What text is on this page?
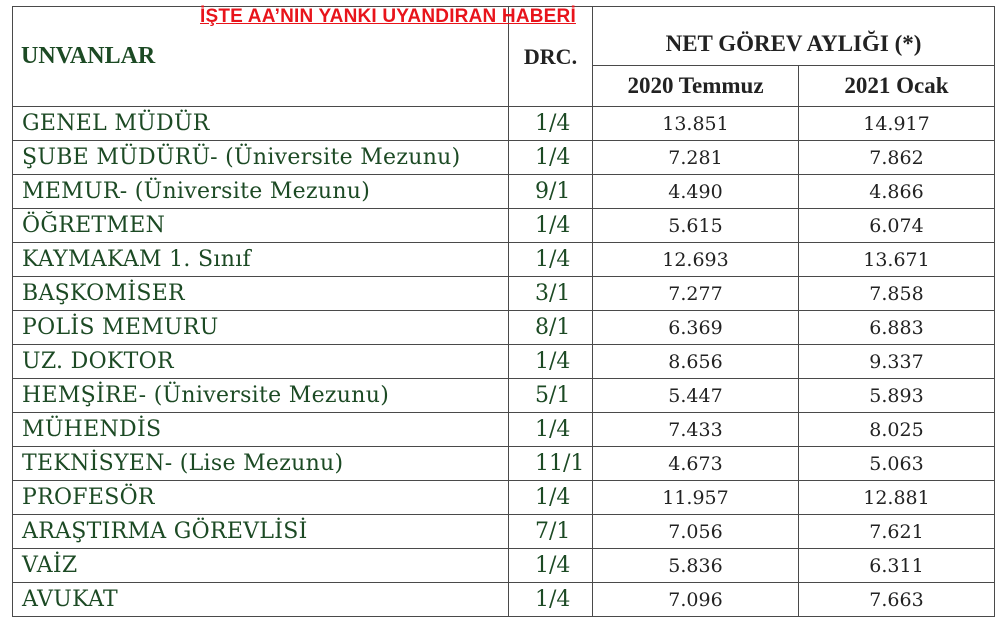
UNVANLAR	DRC.	NET GÖREV AYLIĞI (*)	
		2020 Temmuz	2021 Ocak
GENEL MÜDÜR	1/4	13.851	14.917
ŞUBE MÜDÜRÜ- (Üniversite Mezunu)	1/4	7.281	7.862
MEMUR- (Üniversite Mezunu)	9/1	4.490	4.866
ÖĞRETMEN	1/4	5.615	6.074
KAYMAKAM 1. Sınıf	1/4	12.693	13.671
BAŞKOMİSER	3/1	7.277	7.858
POLİS MEMURU	8/1	6.369	6.883
UZ. DOKTOR	1/4	8.656	9.337
HEMŞİRE- (Üniversite Mezunu)	5/1	5.447	5.893
MÜHENDİS	1/4	7.433	8.025
TEKNİSYEN- (Lise Mezunu)	11/1	4.673	5.063
PROFESÖR	1/4	11.957	12.881
ARAŞTIRMA GÖREVLİSİ	7/1	7.056	7.621
VAİZ	1/4	5.836	6.311
AVUKAT	1/4	7.096	7.663
İŞTE AA’NIN YANKI UYANDIRAN HABERİ
